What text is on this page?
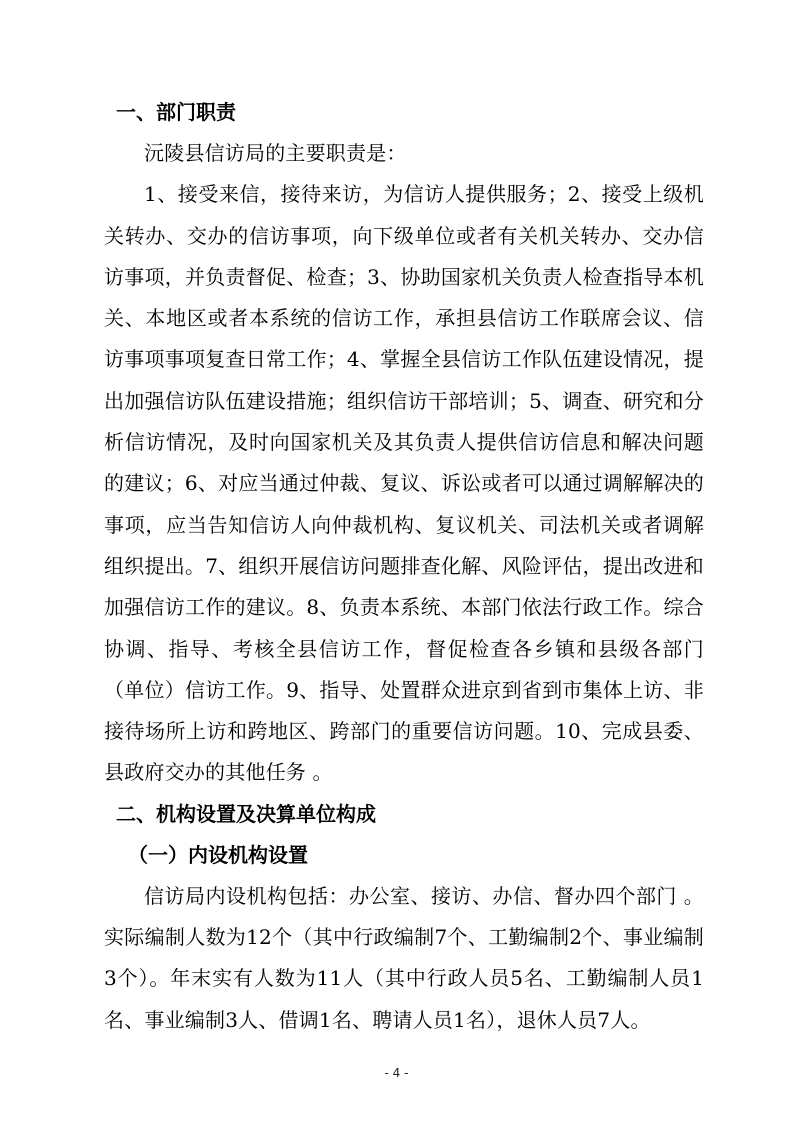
一、部门职责

沅陵县信访局的主要职责是：

1、接受来信，接待来访，为信访人提供服务；2、接受上级机关转办、交办的信访事项，向下级单位或者有关机关转办、交办信访事项，并负责督促、检查；3、协助国家机关负责人检查指导本机关、本地区或者本系统的信访工作，承担县信访工作联席会议、信访事项事项复查日常工作；4、掌握全县信访工作队伍建设情况，提出加强信访队伍建设措施；组织信访干部培训；5、调查、研究和分析信访情况，及时向国家机关及其负责人提供信访信息和解决问题的建议；6、对应当通过仲裁、复议、诉讼或者可以通过调解解决的事项，应当告知信访人向仲裁机构、复议机关、司法机关或者调解组织提出。7、组织开展信访问题排查化解、风险评估，提出改进和加强信访工作的建议。8、负责本系统、本部门依法行政工作。综合协调、指导、考核全县信访工作，督促检查各乡镇和县级各部门（单位）信访工作。9、指导、处置群众进京到省到市集体上访、非接待场所上访和跨地区、跨部门的重要信访问题。10、完成县委、县政府交办的其他任务 。

二、机构设置及决算单位构成
（一）内设机构设置

信访局内设机构包括：办公室、接访、办信、督办四个部门 。实际编制人数为12个（其中行政编制7个、工勤编制2个、事业编制3个）。年末实有人数为11人（其中行政人员5名、工勤编制人员1名、事业编制3人、借调1名、聘请人员1名），退休人员7人。

- 4 -
